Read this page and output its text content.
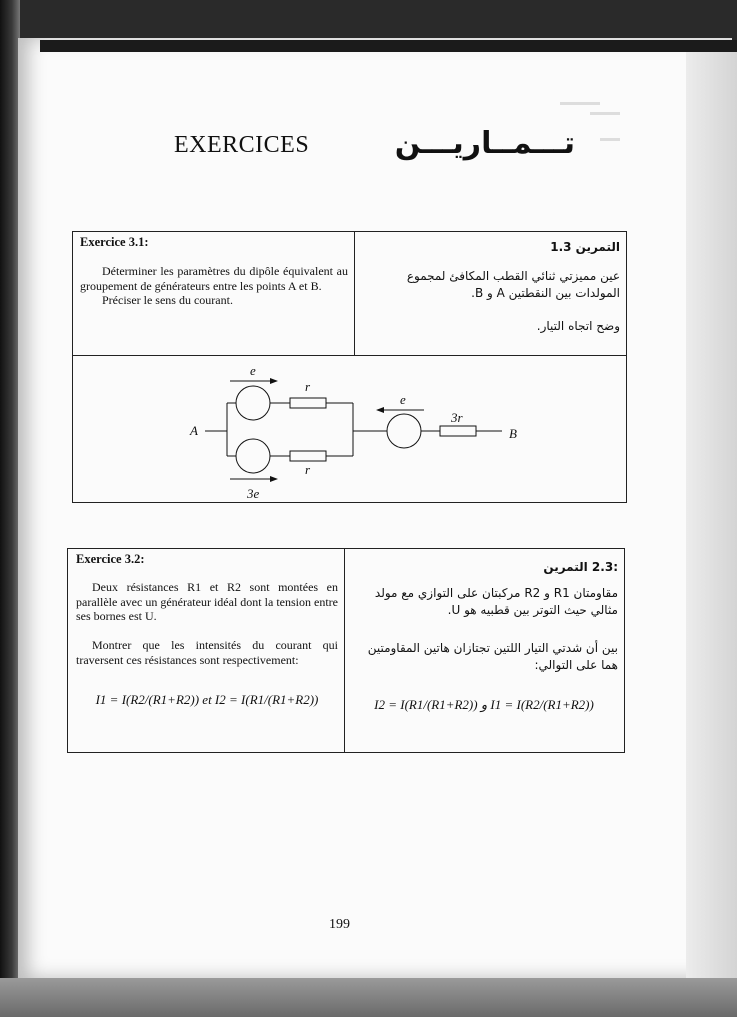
EXERCICES	تـــمــاريـــن
Exercice 3.1:
Déterminer les paramètres du dipôle équivalent au groupement de générateurs entre les points A et B.
Préciser le sens du courant.
التمرين 1.3
عين مميزتي ثنائي القطب المكافئ لمجموع المولدات بين النقطتين A و B.
وضح اتجاه التيار.
e
r
e
3r
r
3e
A	B
Exercice 3.2:
Deux résistances R1 et R2 sont montées en parallèle avec un générateur idéal dont la tension entre ses bornes est U.
Montrer que les intensités du courant qui traversent ces résistances sont respectivement:
I1 = I(R2/(R1+R2)) et I2 = I(R1/(R1+R2))
:2.3 التمرين
مقاومتان R1 و R2 مركبتان على التوازي مع مولد مثالي حيث التوتر بين قطبيه هو U.
بين أن شدتي التيار اللتين تجتازان هاتين المقاومتين هما على التوالي:
I2 = I(R1/(R1+R2)) و I1 = I(R2/(R1+R2))
199
